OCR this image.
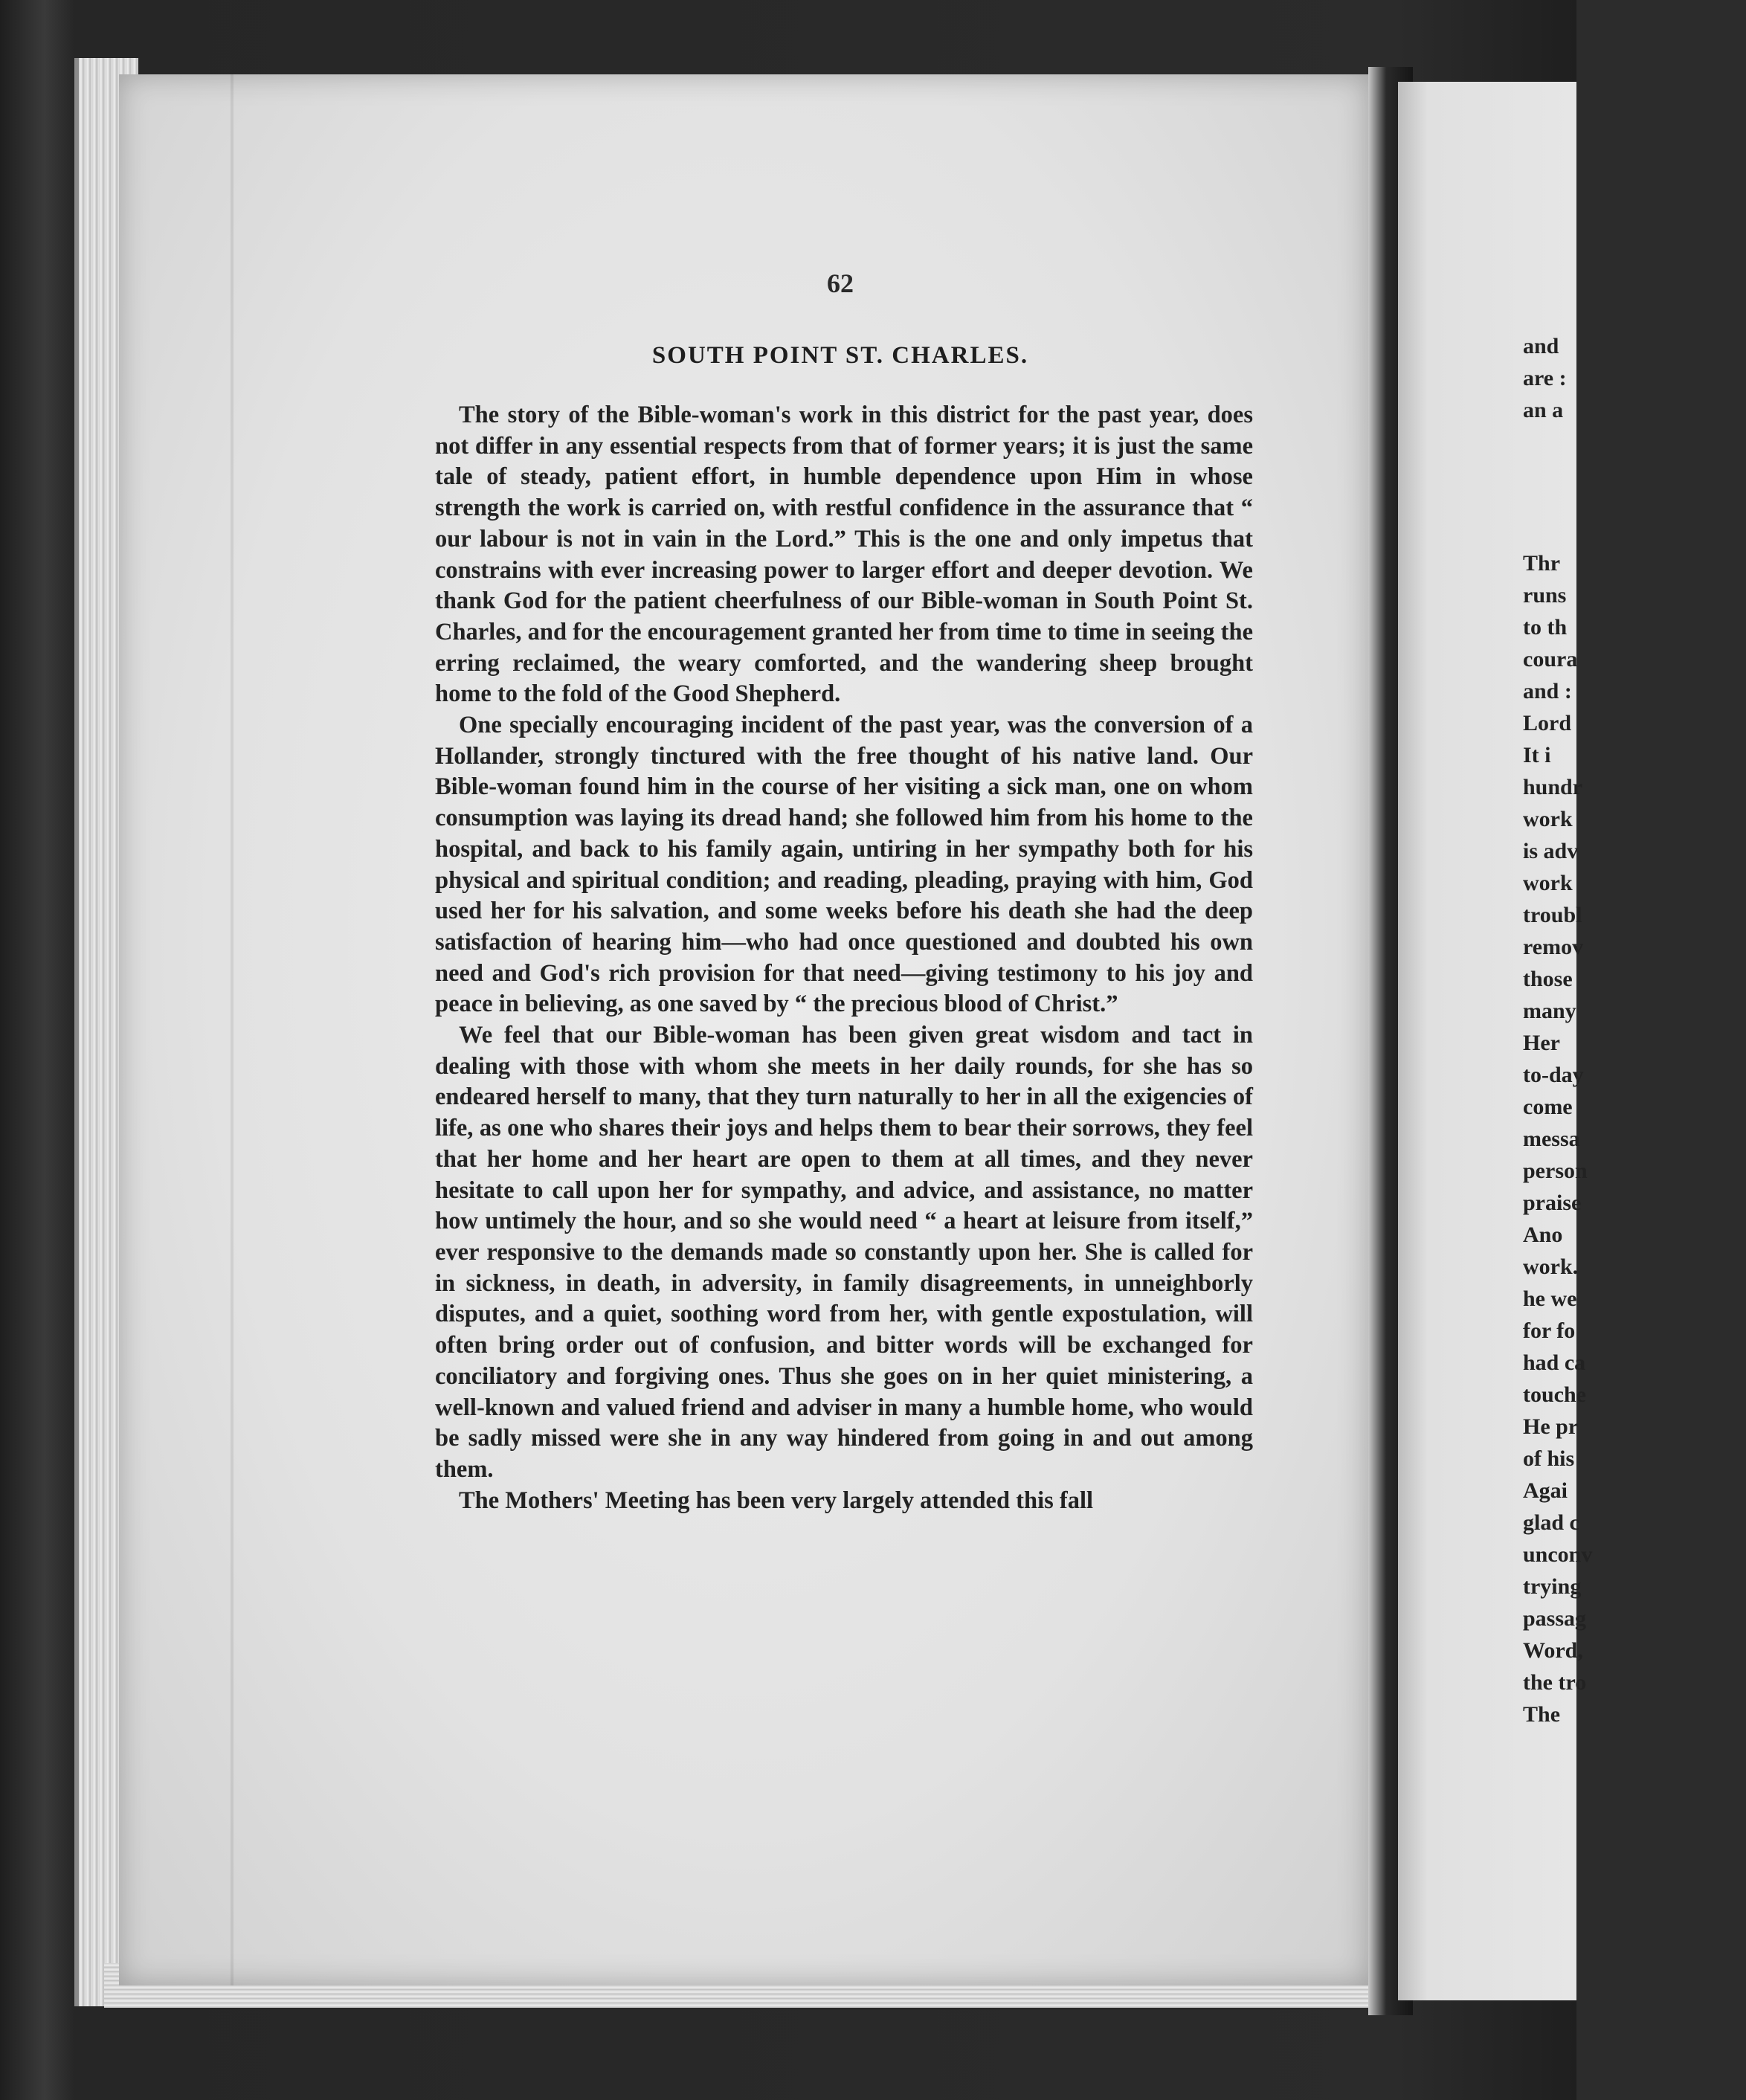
62
SOUTH POINT ST. CHARLES.

The story of the Bible-woman's work in this district for the past year, does not differ in any essential respects from that of former years; it is just the same tale of steady, patient effort, in humble dependence upon Him in whose strength the work is carried on, with restful confidence in the assurance that “ our labour is not in vain in the Lord.” This is the one and only impetus that constrains with ever increasing power to larger effort and deeper devotion. We thank God for the patient cheerfulness of our Bible-woman in South Point St. Charles, and for the encouragement granted her from time to time in seeing the erring reclaimed, the weary comforted, and the wandering sheep brought home to the fold of the Good Shepherd.

One specially encouraging incident of the past year, was the conversion of a Hollander, strongly tinctured with the free thought of his native land. Our Bible-woman found him in the course of her visiting a sick man, one on whom consumption was laying its dread hand; she followed him from his home to the hospital, and back to his family again, untiring in her sympathy both for his physical and spiritual condition; and reading, pleading, praying with him, God used her for his salvation, and some weeks before his death she had the deep satisfaction of hearing him—who had once questioned and doubted his own need and God's rich provision for that need—giving testimony to his joy and peace in believing, as one saved by “ the precious blood of Christ.”

We feel that our Bible-woman has been given great wisdom and tact in dealing with those with whom she meets in her daily rounds, for she has so endeared herself to many, that they turn naturally to her in all the exigencies of life, as one who shares their joys and helps them to bear their sorrows, they feel that her home and her heart are open to them at all times, and they never hesitate to call upon her for sympathy, and advice, and assistance, no matter how untimely the hour, and so she would need “ a heart at leisure from itself,” ever responsive to the demands made so constantly upon her. She is called for in sickness, in death, in adversity, in family disagreements, in unneighborly disputes, and a quiet, soothing word from her, with gentle expostulation, will often bring order out of confusion, and bitter words will be exchanged for conciliatory and forgiving ones. Thus she goes on in her quiet ministering, a well-known and valued friend and adviser in many a humble home, who would be sadly missed were she in any way hindered from going in and out among them.

The Mothers' Meeting has been very largely attended this fall

and
are :
an a
Thr
runs
to th
coura
and :
Lord
It i
hundr
work
is adv
work
troubl
remov
those
many
Her
to-day
come
messa
person
praise
Ano
work.
he we
for fo
had ca
touche
He pr
of his
Agai
glad c
unconv
trying
passag
Word,
the tro
The
